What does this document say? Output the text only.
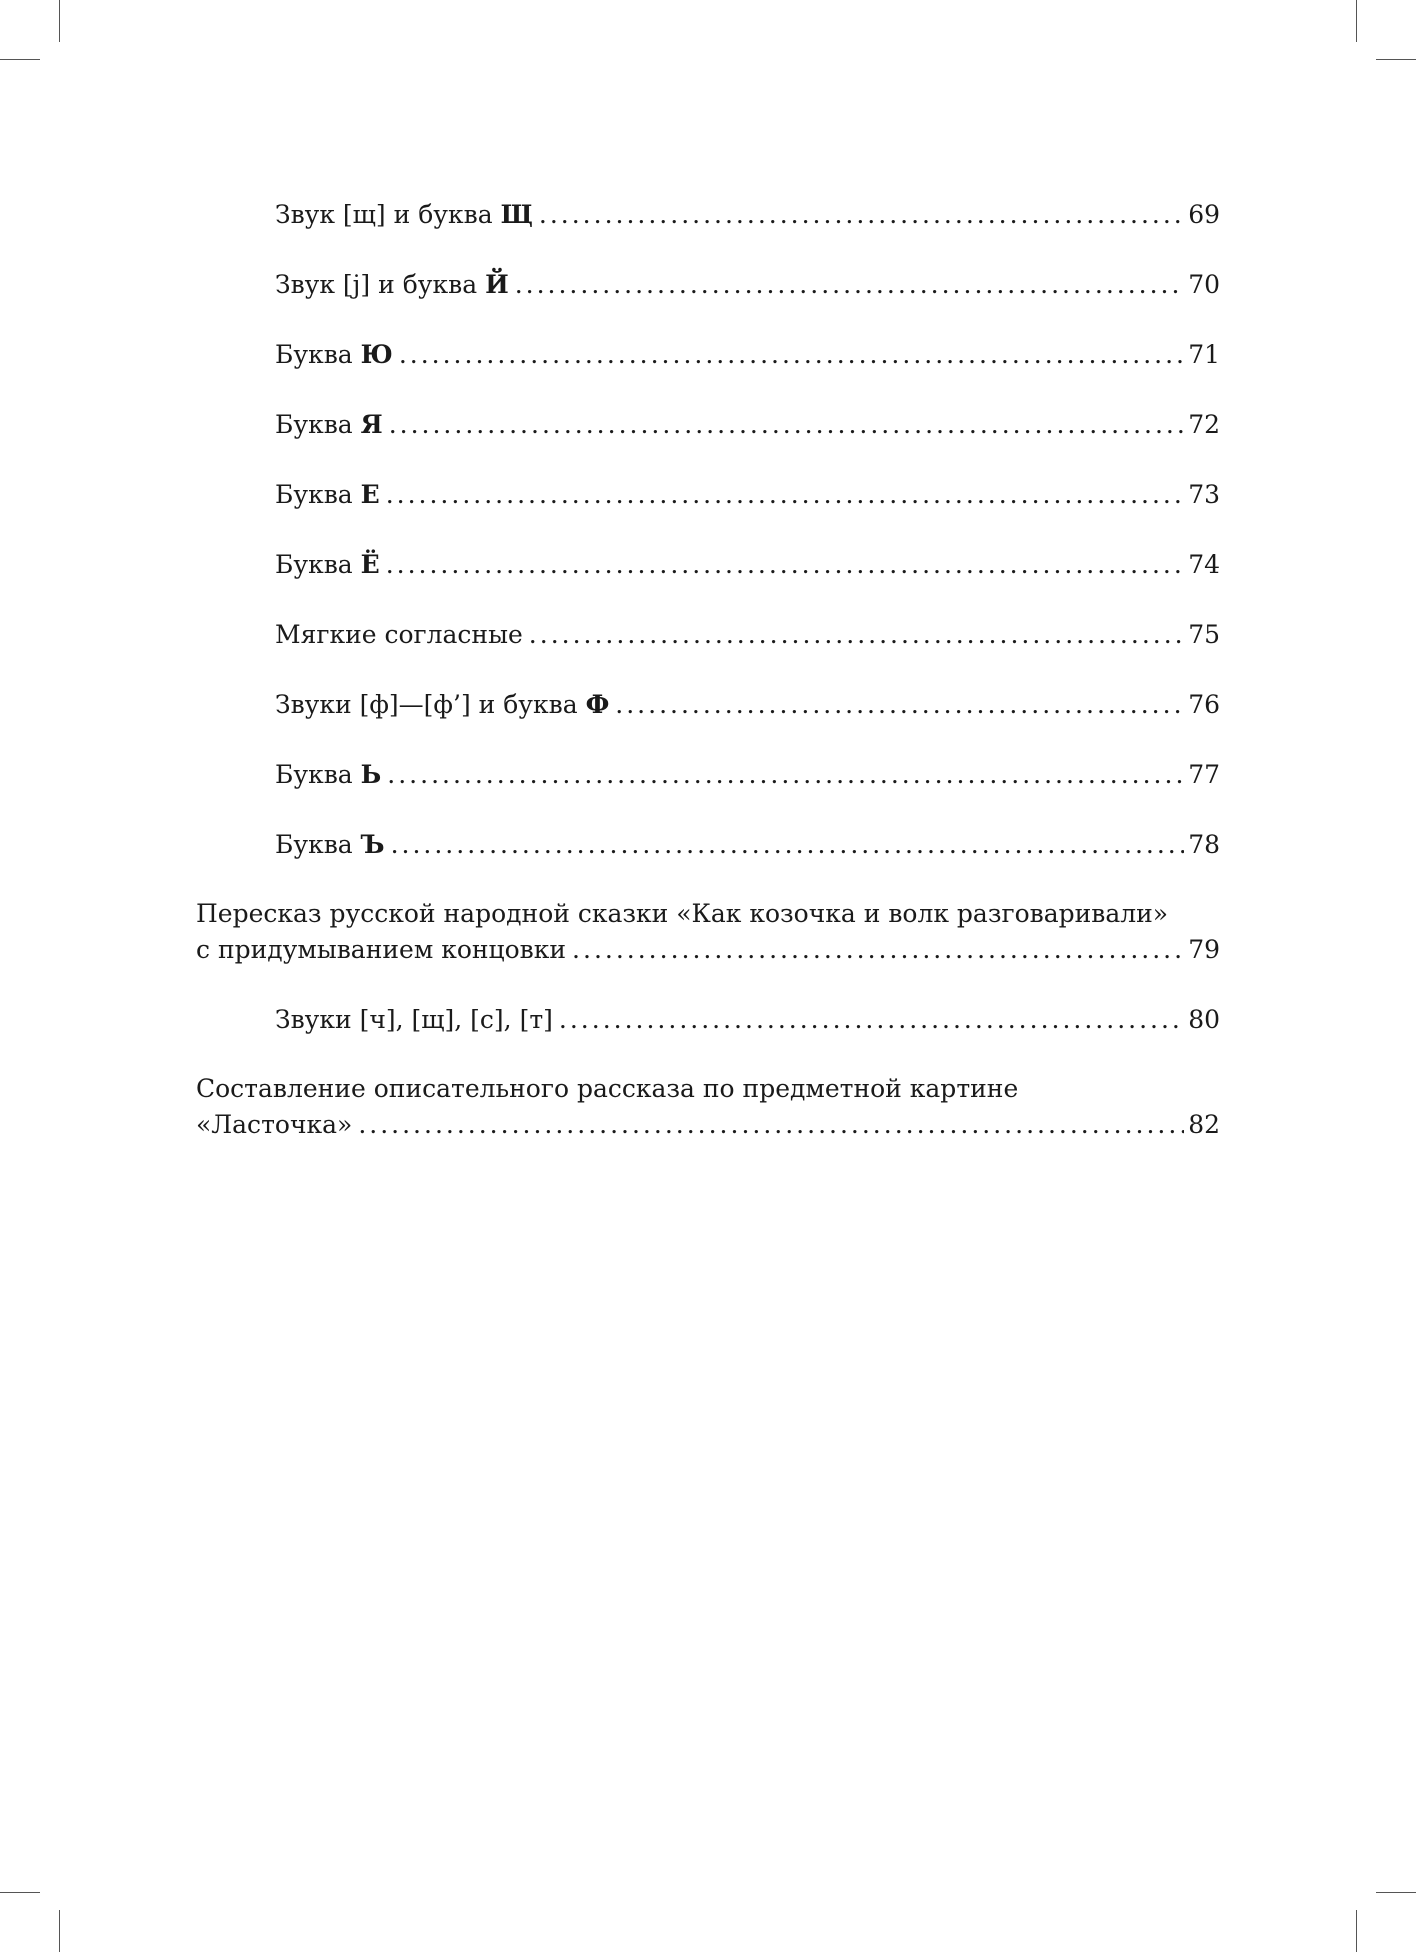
Звук [щ] и буква Щ .....	69
Звук [j] и буква Й .....	70
Буква Ю .....	71
Буква Я .....	72
Буква Е .....	73
Буква Ё .....	74
Мягкие согласные .....	75
Звуки [ф]—[ф’] и буква Ф .....	76
Буква Ь .....	77
Буква Ъ .....	78
Пересказ русской народной сказки «Как козочка и волк разговаривали»
с придумыванием концовки .....	79
Звуки [ч], [щ], [с], [т] .....	80
Составление описательного рассказа по предметной картине
«Ласточка» .....	82
